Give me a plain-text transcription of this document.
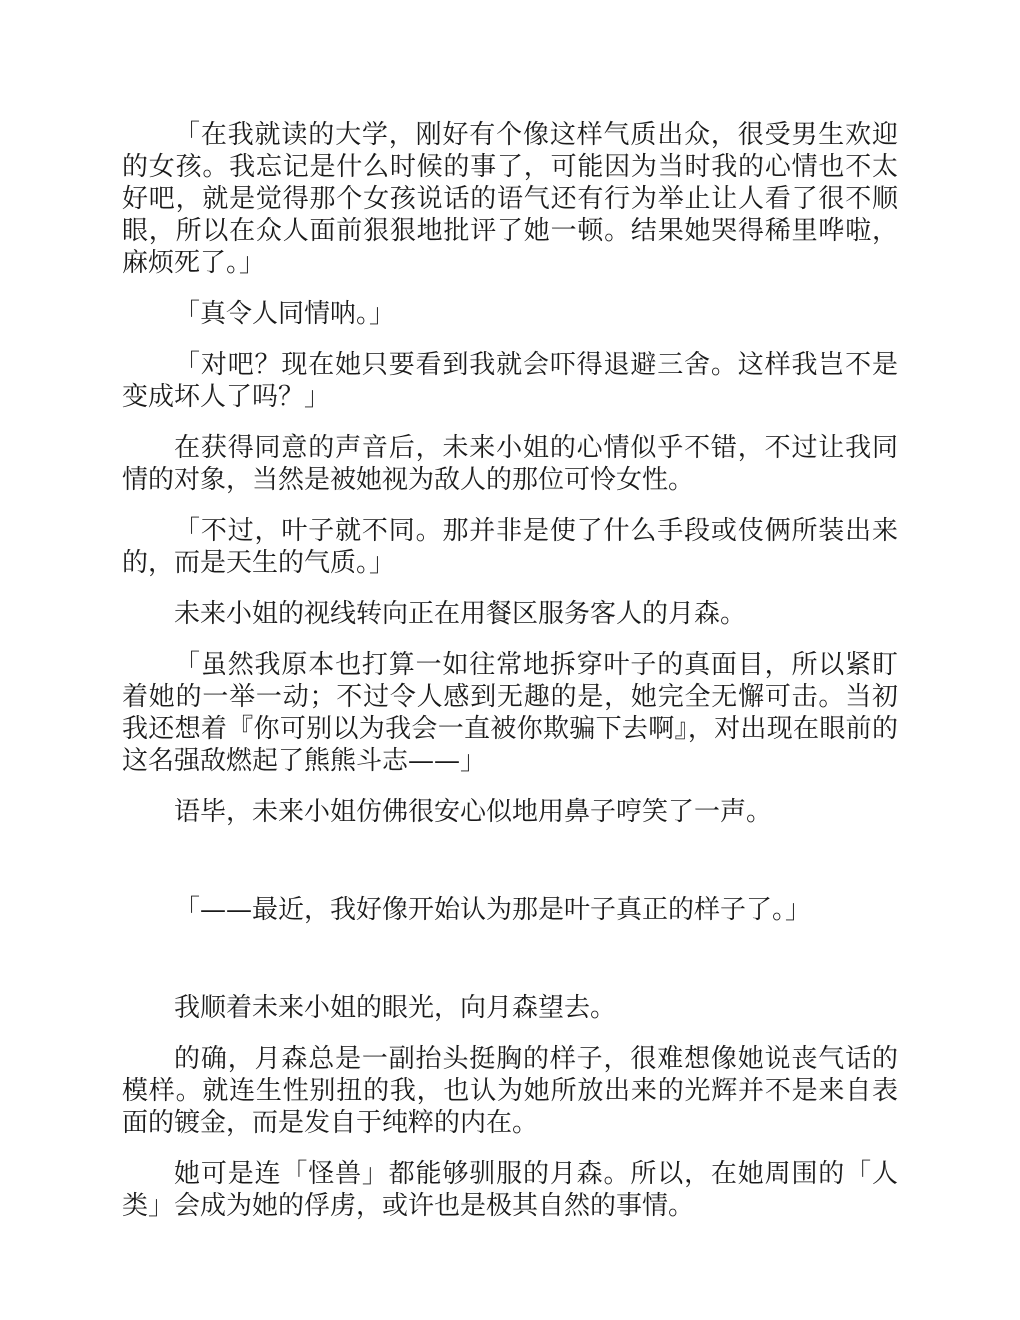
「在我就读的大学，刚好有个像这样气质出众，很受男生欢迎的女孩。我忘记是什么时候的事了，可能因为当时我的心情也不太好吧，就是觉得那个女孩说话的语气还有行为举止让人看了很不顺眼，所以在众人面前狠狠地批评了她一顿。结果她哭得稀里哗啦，麻烦死了。」

「真令人同情呐。」

「对吧？现在她只要看到我就会吓得退避三舍。这样我岂不是变成坏人了吗？」

在获得同意的声音后，未来小姐的心情似乎不错，不过让我同情的对象，当然是被她视为敌人的那位可怜女性。

「不过，叶子就不同。那并非是使了什么手段或伎俩所装出来的，而是天生的气质。」

未来小姐的视线转向正在用餐区服务客人的月森。

「虽然我原本也打算一如往常地拆穿叶子的真面目，所以紧盯着她的一举一动；不过令人感到无趣的是，她完全无懈可击。当初我还想着『你可别以为我会一直被你欺骗下去啊』，对出现在眼前的这名强敌燃起了熊熊斗志——」

语毕，未来小姐仿佛很安心似地用鼻子哼笑了一声。

「——最近，我好像开始认为那是叶子真正的样子了。」

我顺着未来小姐的眼光，向月森望去。

的确，月森总是一副抬头挺胸的样子，很难想像她说丧气话的模样。就连生性别扭的我，也认为她所放出来的光辉并不是来自表面的镀金，而是发自于纯粹的内在。

她可是连「怪兽」都能够驯服的月森。所以，在她周围的「人类」会成为她的俘虏，或许也是极其自然的事情。
